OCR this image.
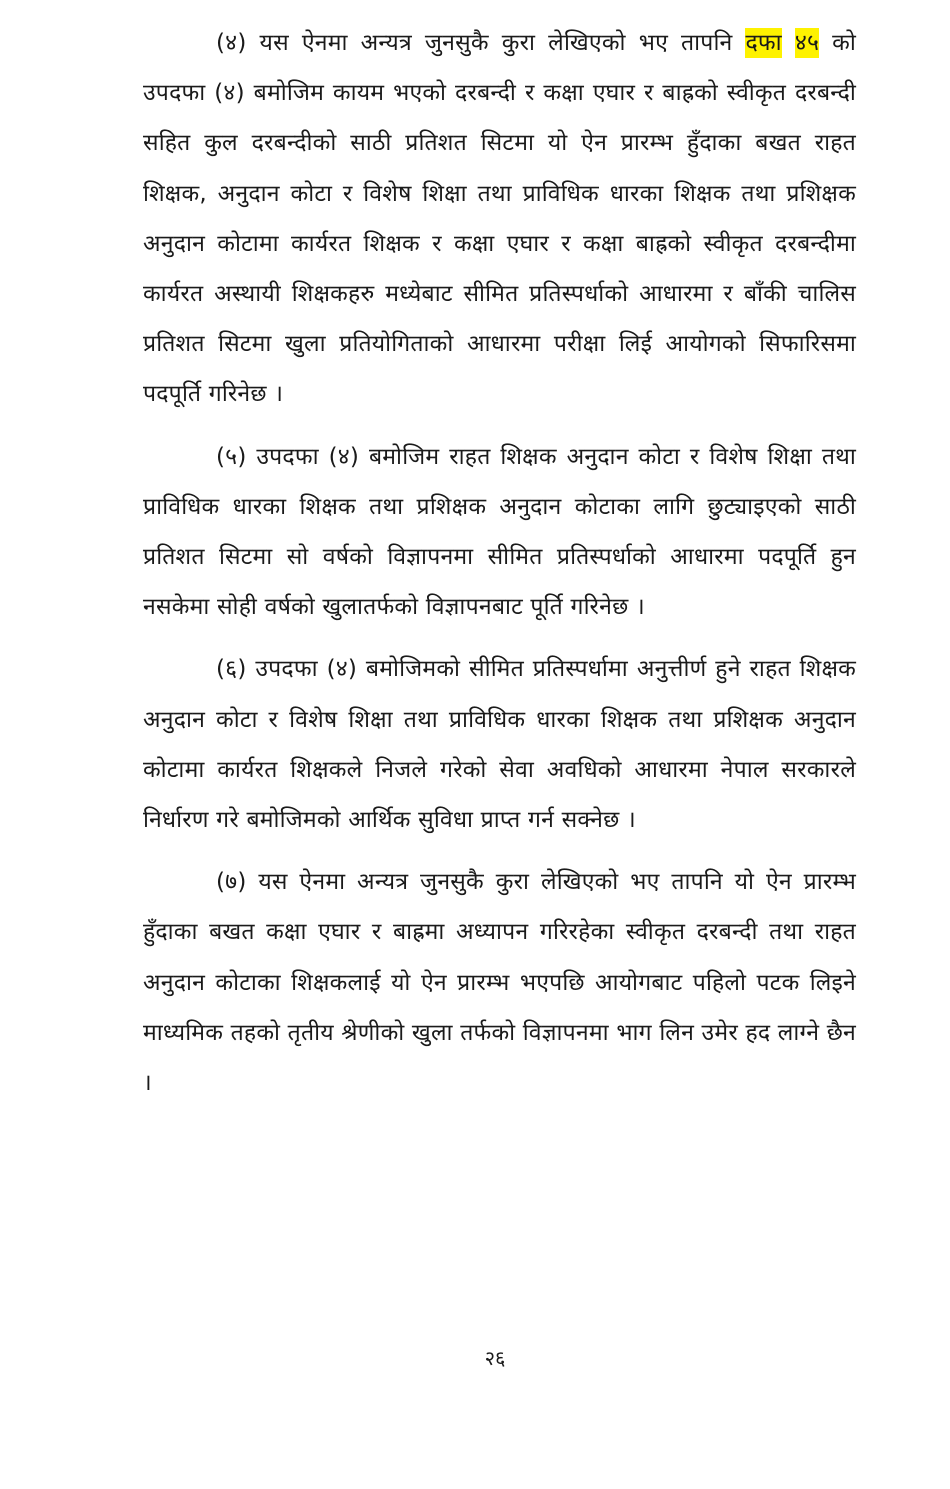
(४) यस ऐनमा अन्यत्र जुनसुकै कुरा लेखिएको भए तापनि दफा ४५ को उपदफा (४) बमोजिम कायम भएको दरबन्दी र कक्षा एघार र बाह्रको स्वीकृत दरबन्दी सहित कुल दरबन्दीको साठी प्रतिशत सिटमा यो ऐन प्रारम्भ हुँदाका बखत राहत शिक्षक, अनुदान कोटा र विशेष शिक्षा तथा प्राविधिक धारका शिक्षक तथा प्रशिक्षक अनुदान कोटामा कार्यरत शिक्षक र कक्षा एघार र कक्षा बाह्रको स्वीकृत दरबन्दीमा कार्यरत अस्थायी शिक्षकहरु मध्येबाट सीमित प्रतिस्पर्धाको आधारमा र बाँकी चालिस प्रतिशत सिटमा खुला प्रतियोगिताको आधारमा परीक्षा लिई आयोगको सिफारिसमा पदपूर्ति गरिनेछ ।

(५) उपदफा (४) बमोजिम राहत शिक्षक अनुदान कोटा र विशेष शिक्षा तथा प्राविधिक धारका शिक्षक तथा प्रशिक्षक अनुदान कोटाका लागि छुट्याइएको साठी प्रतिशत सिटमा सो वर्षको विज्ञापनमा सीमित प्रतिस्पर्धाको आधारमा पदपूर्ति हुन नसकेमा सोही वर्षको खुलातर्फको विज्ञापनबाट पूर्ति गरिनेछ ।

(६) उपदफा (४) बमोजिमको सीमित प्रतिस्पर्धामा अनुत्तीर्ण हुने राहत शिक्षक अनुदान कोटा र विशेष शिक्षा तथा प्राविधिक धारका शिक्षक तथा प्रशिक्षक अनुदान कोटामा कार्यरत शिक्षकले निजले गरेको सेवा अवधिको आधारमा नेपाल सरकारले निर्धारण गरे बमोजिमको आर्थिक सुविधा प्राप्त गर्न सक्नेछ ।

(७) यस ऐनमा अन्यत्र जुनसुकै कुरा लेखिएको भए तापनि यो ऐन प्रारम्भ हुँदाका बखत कक्षा एघार र बाह्रमा अध्यापन गरिरहेका स्वीकृत दरबन्दी तथा राहत अनुदान कोटाका शिक्षकलाई यो ऐन प्रारम्भ भएपछि आयोगबाट पहिलो पटक लिइने माध्यमिक तहको तृतीय श्रेणीको खुला तर्फको विज्ञापनमा भाग लिन उमेर हद लाग्ने छैन ।

२६
